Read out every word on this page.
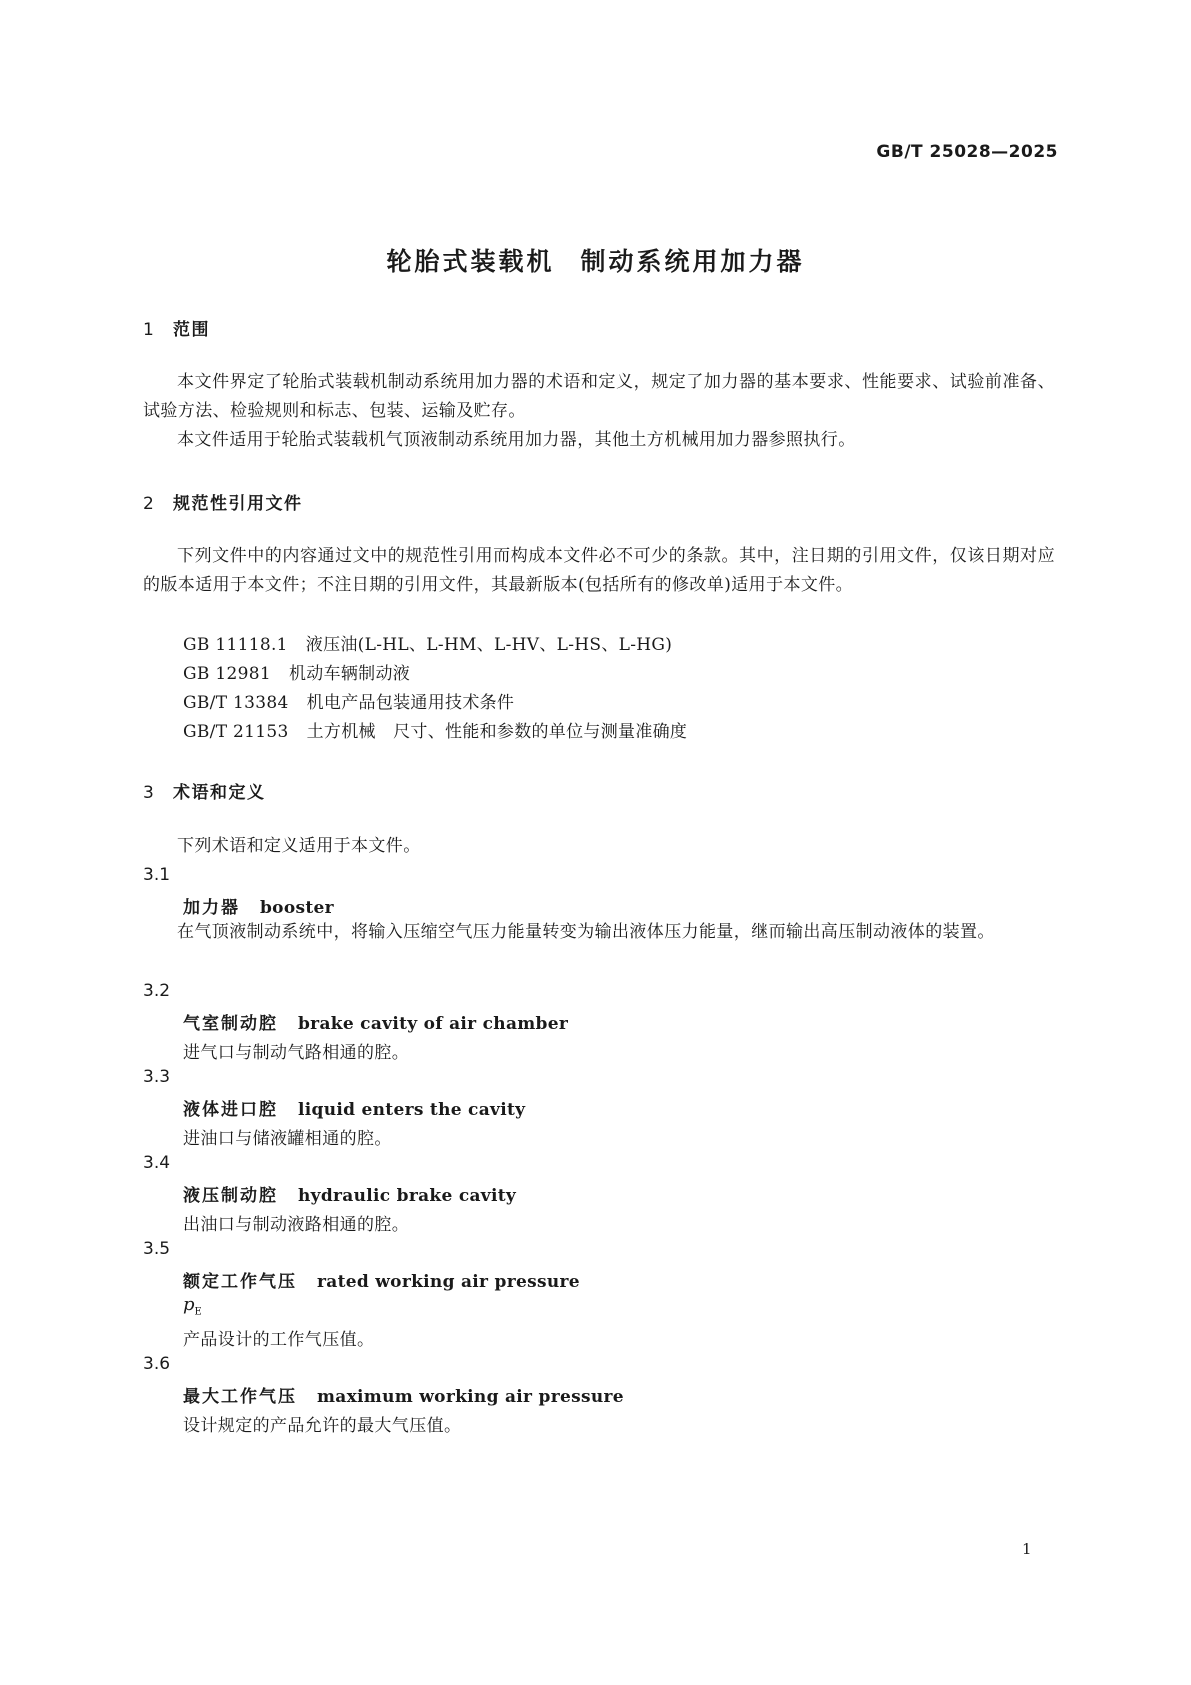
GB/T 25028—2025
轮胎式装载机 制动系统用加力器
1 范围
本文件界定了轮胎式装载机制动系统用加力器的术语和定义，规定了加力器的基本要求、性能要求、试验前准备、试验方法、检验规则和标志、包装、运输及贮存。
本文件适用于轮胎式装载机气顶液制动系统用加力器，其他土方机械用加力器参照执行。
2 规范性引用文件
下列文件中的内容通过文中的规范性引用而构成本文件必不可少的条款。其中，注日期的引用文件，仅该日期对应的版本适用于本文件；不注日期的引用文件，其最新版本(包括所有的修改单)适用于本文件。
GB 11118.1 液压油(L-HL、L-HM、L-HV、L-HS、L-HG)
GB 12981 机动车辆制动液
GB/T 13384 机电产品包装通用技术条件
GB/T 21153 土方机械　尺寸、性能和参数的单位与测量准确度
3 术语和定义
下列术语和定义适用于本文件。
3.1
加力器 booster
在气顶液制动系统中，将输入压缩空气压力能量转变为输出液体压力能量，继而输出高压制动液体的装置。
3.2
气室制动腔 brake cavity of air chamber
进气口与制动气路相通的腔。
3.3
液体进口腔 liquid enters the cavity
进油口与储液罐相通的腔。
3.4
液压制动腔 hydraulic brake cavity
出油口与制动液路相通的腔。
3.5
额定工作气压 rated working air pressure
$p_E$
产品设计的工作气压值。
3.6
最大工作气压 maximum working air pressure
设计规定的产品允许的最大气压值。
1
